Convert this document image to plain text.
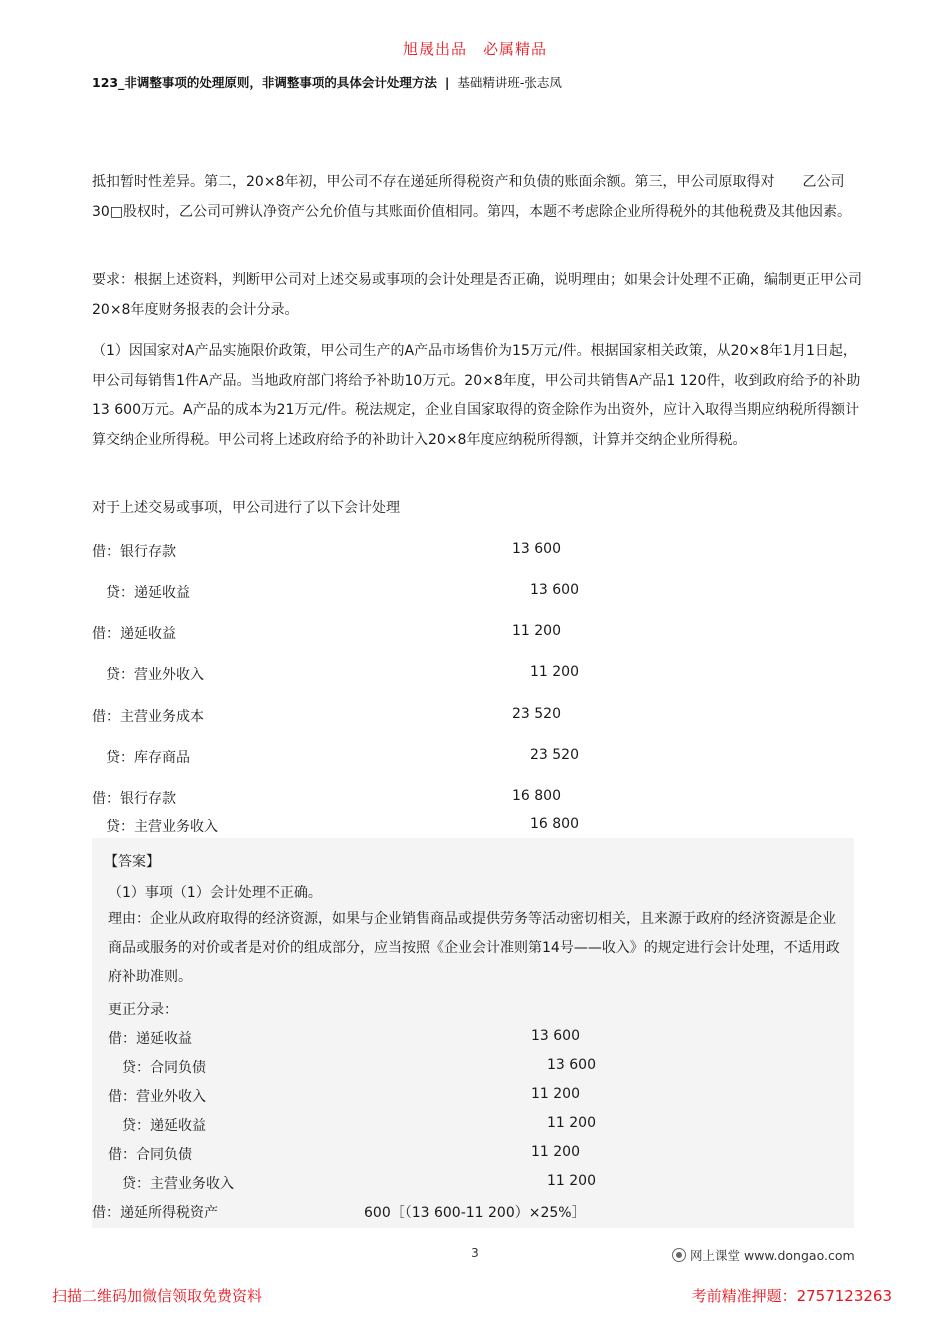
旭晟出品　必属精品
123_非调整事项的处理原则，非调整事项的具体会计处理方法 | 基础精讲班-张志凤
抵扣暂时性差异。第二，20×8年初，甲公司不存在递延所得税资产和负债的账面余额。第三，甲公司原取得对　　乙公司30□股权时，乙公司可辨认净资产公允价值与其账面价值相同。第四，本题不考虑除企业所得税外的其他税费及其他因素。
要求：根据上述资料，判断甲公司对上述交易或事项的会计处理是否正确，说明理由；如果会计处理不正确，编制更正甲公司20×8年度财务报表的会计分录。
（1）因国家对A产品实施限价政策，甲公司生产的A产品市场售价为15万元/件。根据国家相关政策，从20×8年1月1日起，甲公司每销售1件A产品。当地政府部门将给予补助10万元。20×8年度，甲公司共销售A产品1 120件，收到政府给予的补助13 600万元。A产品的成本为21万元/件。税法规定，企业自国家取得的资金除作为出资外，应计入取得当期应纳税所得额计算交纳企业所得税。甲公司将上述政府给予的补助计入20×8年度应纳税所得额，计算并交纳企业所得税。
对于上述交易或事项，甲公司进行了以下会计处理
借：银行存款	13 600
　贷：递延收益	13 600
借：递延收益	11 200
　贷：营业外收入	11 200
借：主营业务成本	23 520
　贷：库存商品	23 520
借：银行存款	16 800
　贷：主营业务收入	16 800
【答案】
（1）事项（1）会计处理不正确。
理由：企业从政府取得的经济资源，如果与企业销售商品或提供劳务等活动密切相关，且来源于政府的经济资源是企业商品或服务的对价或者是对价的组成部分，应当按照《企业会计准则第14号——收入》的规定进行会计处理，不适用政府补助准则。
更正分录：
借：递延收益	13 600
　贷：合同负债	13 600
借：营业外收入	11 200
　贷：递延收益	11 200
借：合同负债	11 200
　贷：主营业务收入	11 200
借：递延所得税资产	600［（13 600-11 200）×25%］
3	网上课堂 www.dongao.com
扫描二维码加微信领取免费资料	考前精准押题：2757123263
